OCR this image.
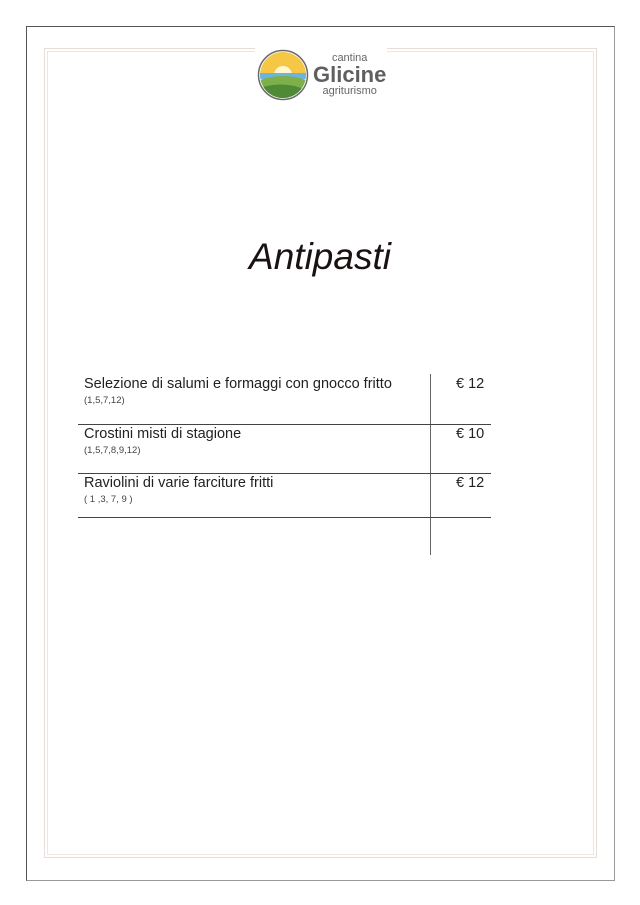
cantina
Glicine
agriturismo
Antipasti
Selezione di salumi e formaggi con gnocco fritto
(1,5,7,12)
€ 12
Crostini misti di stagione
(1,5,7,8,9,12)
€ 10
Raviolini di varie farciture fritti
( 1 ,3, 7, 9 )
€ 12
